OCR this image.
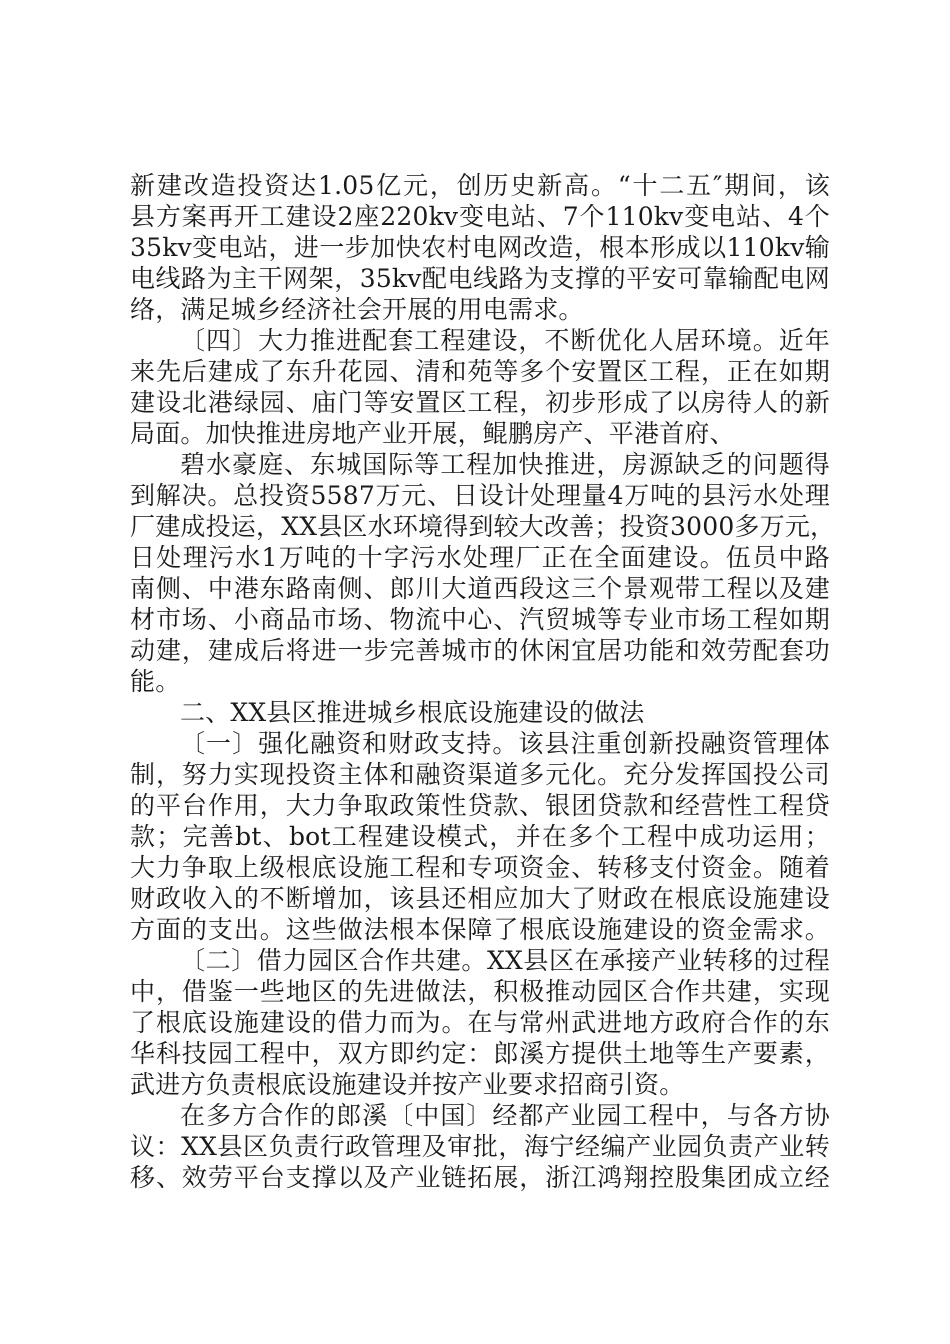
新建改造投资达1.05亿元，创历史新高。“十二五″期间，该
县方案再开工建设2座220kv变电站、7个110kv变电站、4个
35kv变电站，进一步加快农村电网改造，根本形成以110kv输
电线路为主干网架，35kv配电线路为支撑的平安可靠输配电网
络，满足城乡经济社会开展的用电需求。
〔四〕大力推进配套工程建设，不断优化人居环境。近年
来先后建成了东升花园、清和苑等多个安置区工程，正在如期
建设北港绿园、庙门等安置区工程，初步形成了以房待人的新
局面。加快推进房地产业开展，鲲鹏房产、平港首府、
碧水豪庭、东城国际等工程加快推进，房源缺乏的问题得
到解决。总投资5587万元、日设计处理量4万吨的县污水处理
厂建成投运，XX县区水环境得到较大改善；投资3000多万元，
日处理污水1万吨的十字污水处理厂正在全面建设。伍员中路
南侧、中港东路南侧、郎川大道西段这三个景观带工程以及建
材市场、小商品市场、物流中心、汽贸城等专业市场工程如期
动建，建成后将进一步完善城市的休闲宜居功能和效劳配套功
能。
二、XX县区推进城乡根底设施建设的做法
〔一〕强化融资和财政支持。该县注重创新投融资管理体
制，努力实现投资主体和融资渠道多元化。充分发挥国投公司
的平台作用，大力争取政策性贷款、银团贷款和经营性工程贷
款；完善bt、bot工程建设模式，并在多个工程中成功运用；
大力争取上级根底设施工程和专项资金、转移支付资金。随着
财政收入的不断增加，该县还相应加大了财政在根底设施建设
方面的支出。这些做法根本保障了根底设施建设的资金需求。
〔二〕借力园区合作共建。XX县区在承接产业转移的过程
中，借鉴一些地区的先进做法，积极推动园区合作共建，实现
了根底设施建设的借力而为。在与常州武进地方政府合作的东
华科技园工程中，双方即约定：郎溪方提供土地等生产要素，
武进方负责根底设施建设并按产业要求招商引资。
在多方合作的郎溪〔中国〕经都产业园工程中，与各方协
议：XX县区负责行政管理及审批，海宁经编产业园负责产业转
移、效劳平台支撑以及产业链拓展，浙江鸿翔控股集团成立经
